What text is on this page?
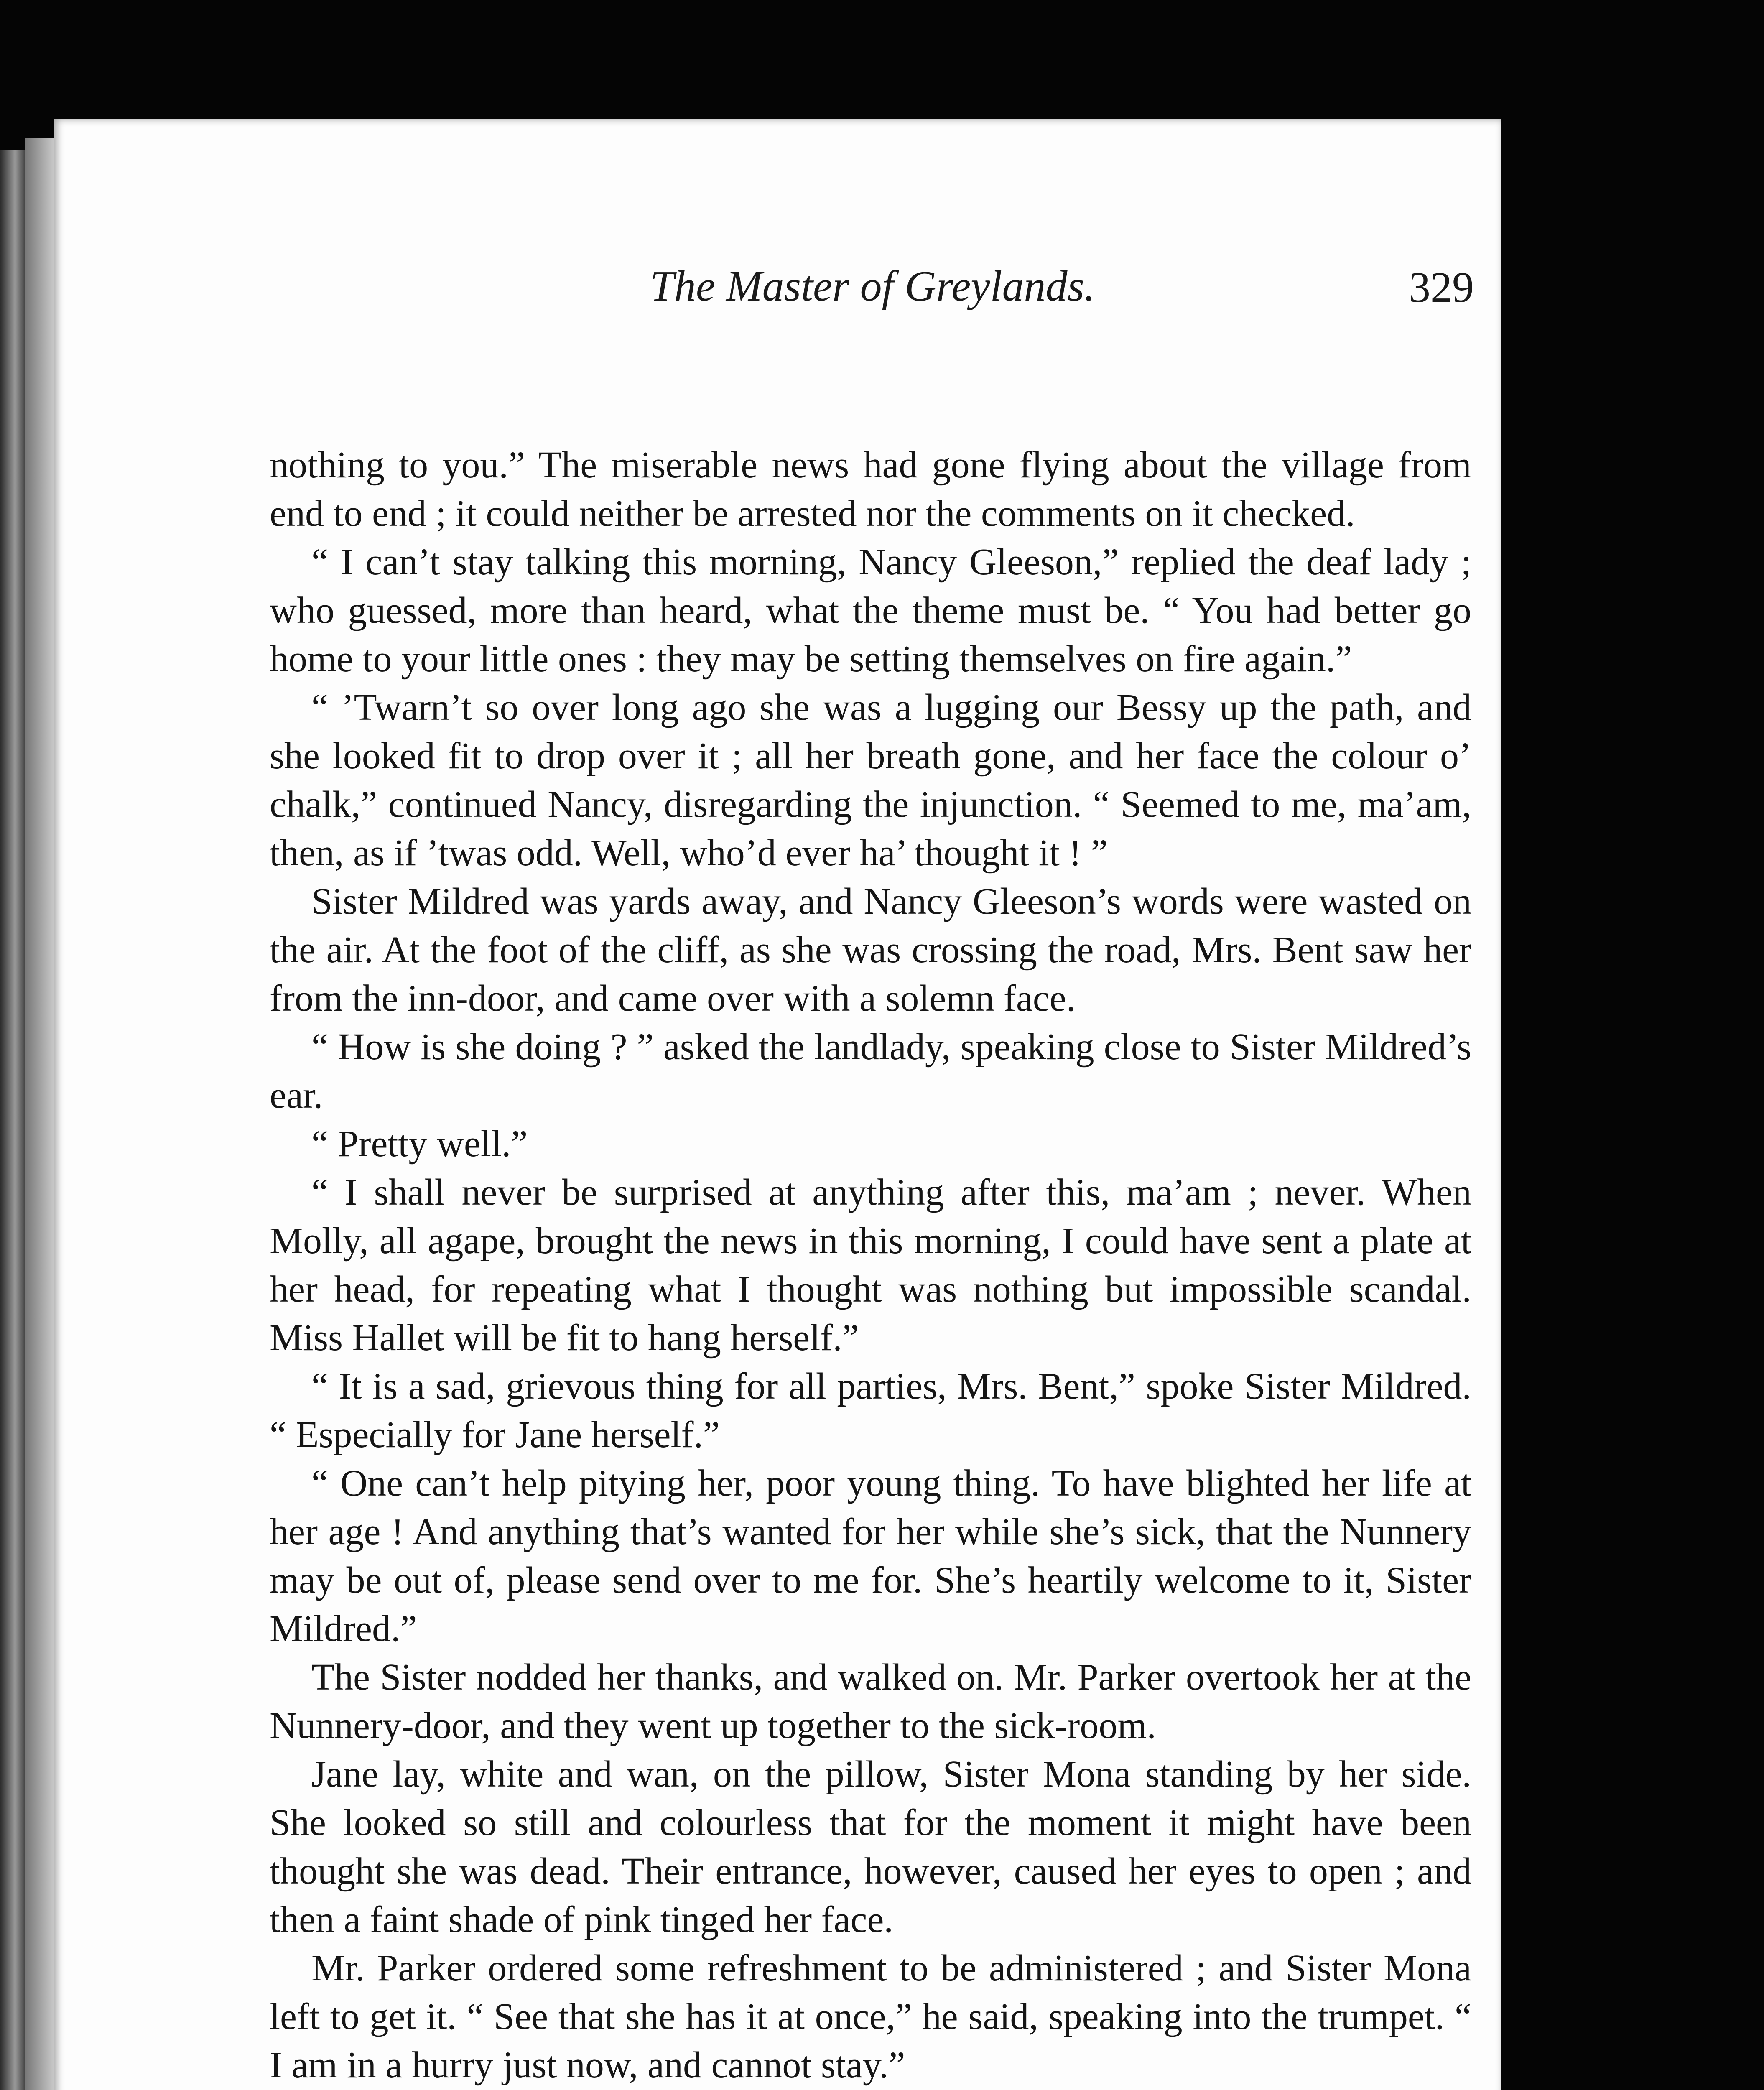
The Master of Greylands.	329

nothing to you.” The miserable news had gone flying about the village from end to end ; it could neither be arrested nor the comments on it checked.

“ I can’t stay talking this morning, Nancy Gleeson,” replied the deaf lady ; who guessed, more than heard, what the theme must be. “ You had better go home to your little ones : they may be setting themselves on fire again.”

“ ’Twarn’t so over long ago she was a lugging our Bessy up the path, and she looked fit to drop over it ; all her breath gone, and her face the colour o’ chalk,” continued Nancy, disregarding the injunction. “ Seemed to me, ma’am, then, as if ’twas odd. Well, who’d ever ha’ thought it ! ”

Sister Mildred was yards away, and Nancy Gleeson’s words were wasted on the air. At the foot of the cliff, as she was crossing the road, Mrs. Bent saw her from the inn-door, and came over with a solemn face.

“ How is she doing ? ” asked the landlady, speaking close to Sister Mildred’s ear.

“ Pretty well.”

“ I shall never be surprised at anything after this, ma’am ; never. When Molly, all agape, brought the news in this morning, I could have sent a plate at her head, for repeating what I thought was nothing but impossible scandal. Miss Hallet will be fit to hang herself.”

“ It is a sad, grievous thing for all parties, Mrs. Bent,” spoke Sister Mildred. “ Especially for Jane herself.”

“ One can’t help pitying her, poor young thing. To have blighted her life at her age ! And anything that’s wanted for her while she’s sick, that the Nunnery may be out of, please send over to me for. She’s heartily welcome to it, Sister Mildred.”

The Sister nodded her thanks, and walked on. Mr. Parker overtook her at the Nunnery-door, and they went up together to the sick-room.

Jane lay, white and wan, on the pillow, Sister Mona standing by her side. She looked so still and colourless that for the moment it might have been thought she was dead. Their entrance, however, caused her eyes to open ; and then a faint shade of pink tinged her face.

Mr. Parker ordered some refreshment to be administered ; and Sister Mona left to get it. “ See that she has it at once,” he said, speaking into the trumpet. “ I am in a hurry just now, and cannot stay.”
